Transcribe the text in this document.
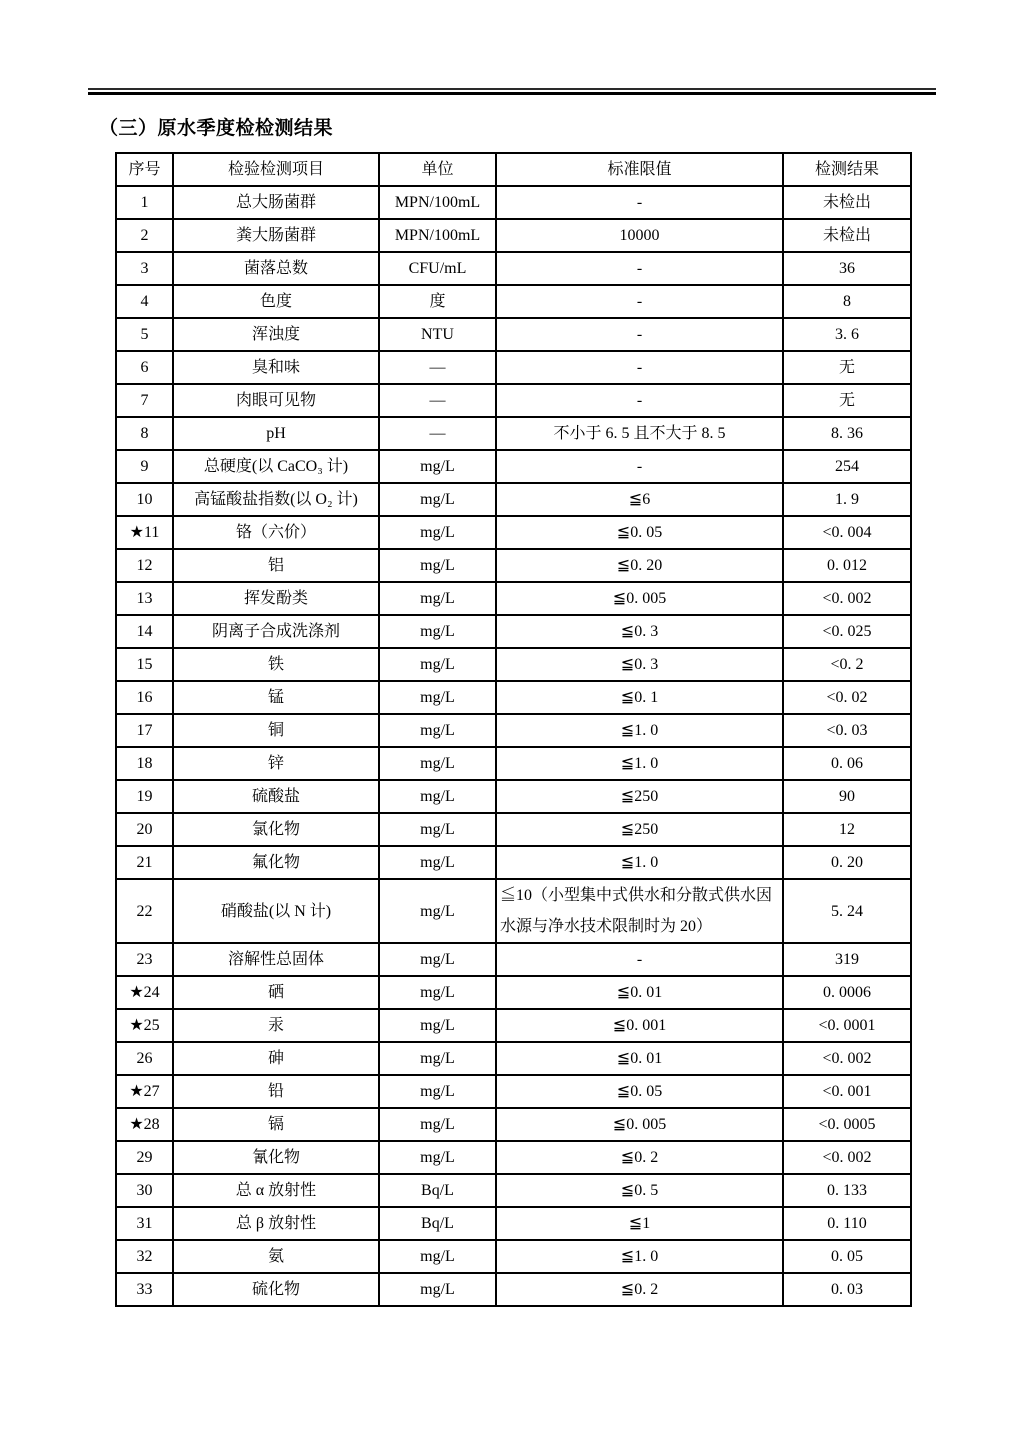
（三）原水季度检检测结果
序号	检验检测项目	单位	标准限值	检测结果
1	总大肠菌群	MPN/100mL	-	未检出
2	粪大肠菌群	MPN/100mL	10000	未检出
3	菌落总数	CFU/mL	-	36
4	色度	度	-	8
5	浑浊度	NTU	-	3. 6
6	臭和味	—	-	无
7	肉眼可见物	—	-	无
8	pH	—	不小于 6. 5 且不大于 8. 5	8. 36
9	总硬度(以 CaCO₃ 计)	mg/L	-	254
10	高锰酸盐指数(以 O₂ 计)	mg/L	≦6	1. 9
★11	铬（六价）	mg/L	≦0. 05	<0. 004
12	铝	mg/L	≦0. 20	0. 012
13	挥发酚类	mg/L	≦0. 005	<0. 002
14	阴离子合成洗涤剂	mg/L	≦0. 3	<0. 025
15	铁	mg/L	≦0. 3	<0. 2
16	锰	mg/L	≦0. 1	<0. 02
17	铜	mg/L	≦1. 0	<0. 03
18	锌	mg/L	≦1. 0	0. 06
19	硫酸盐	mg/L	≦250	90
20	氯化物	mg/L	≦250	12
21	氟化物	mg/L	≦1. 0	0. 20
22	硝酸盐(以 N 计)	mg/L	≦10（小型集中式供水和分散式供水因水源与净水技术限制时为 20）	5. 24
23	溶解性总固体	mg/L	-	319
★24	硒	mg/L	≦0. 01	0. 0006
★25	汞	mg/L	≦0. 001	<0. 0001
26	砷	mg/L	≦0. 01	<0. 002
★27	铅	mg/L	≦0. 05	<0. 001
★28	镉	mg/L	≦0. 005	<0. 0005
29	氰化物	mg/L	≦0. 2	<0. 002
30	总 α 放射性	Bq/L	≦0. 5	0. 133
31	总 β 放射性	Bq/L	≦1	0. 110
32	氨	mg/L	≦1. 0	0. 05
33	硫化物	mg/L	≦0. 2	0. 03
